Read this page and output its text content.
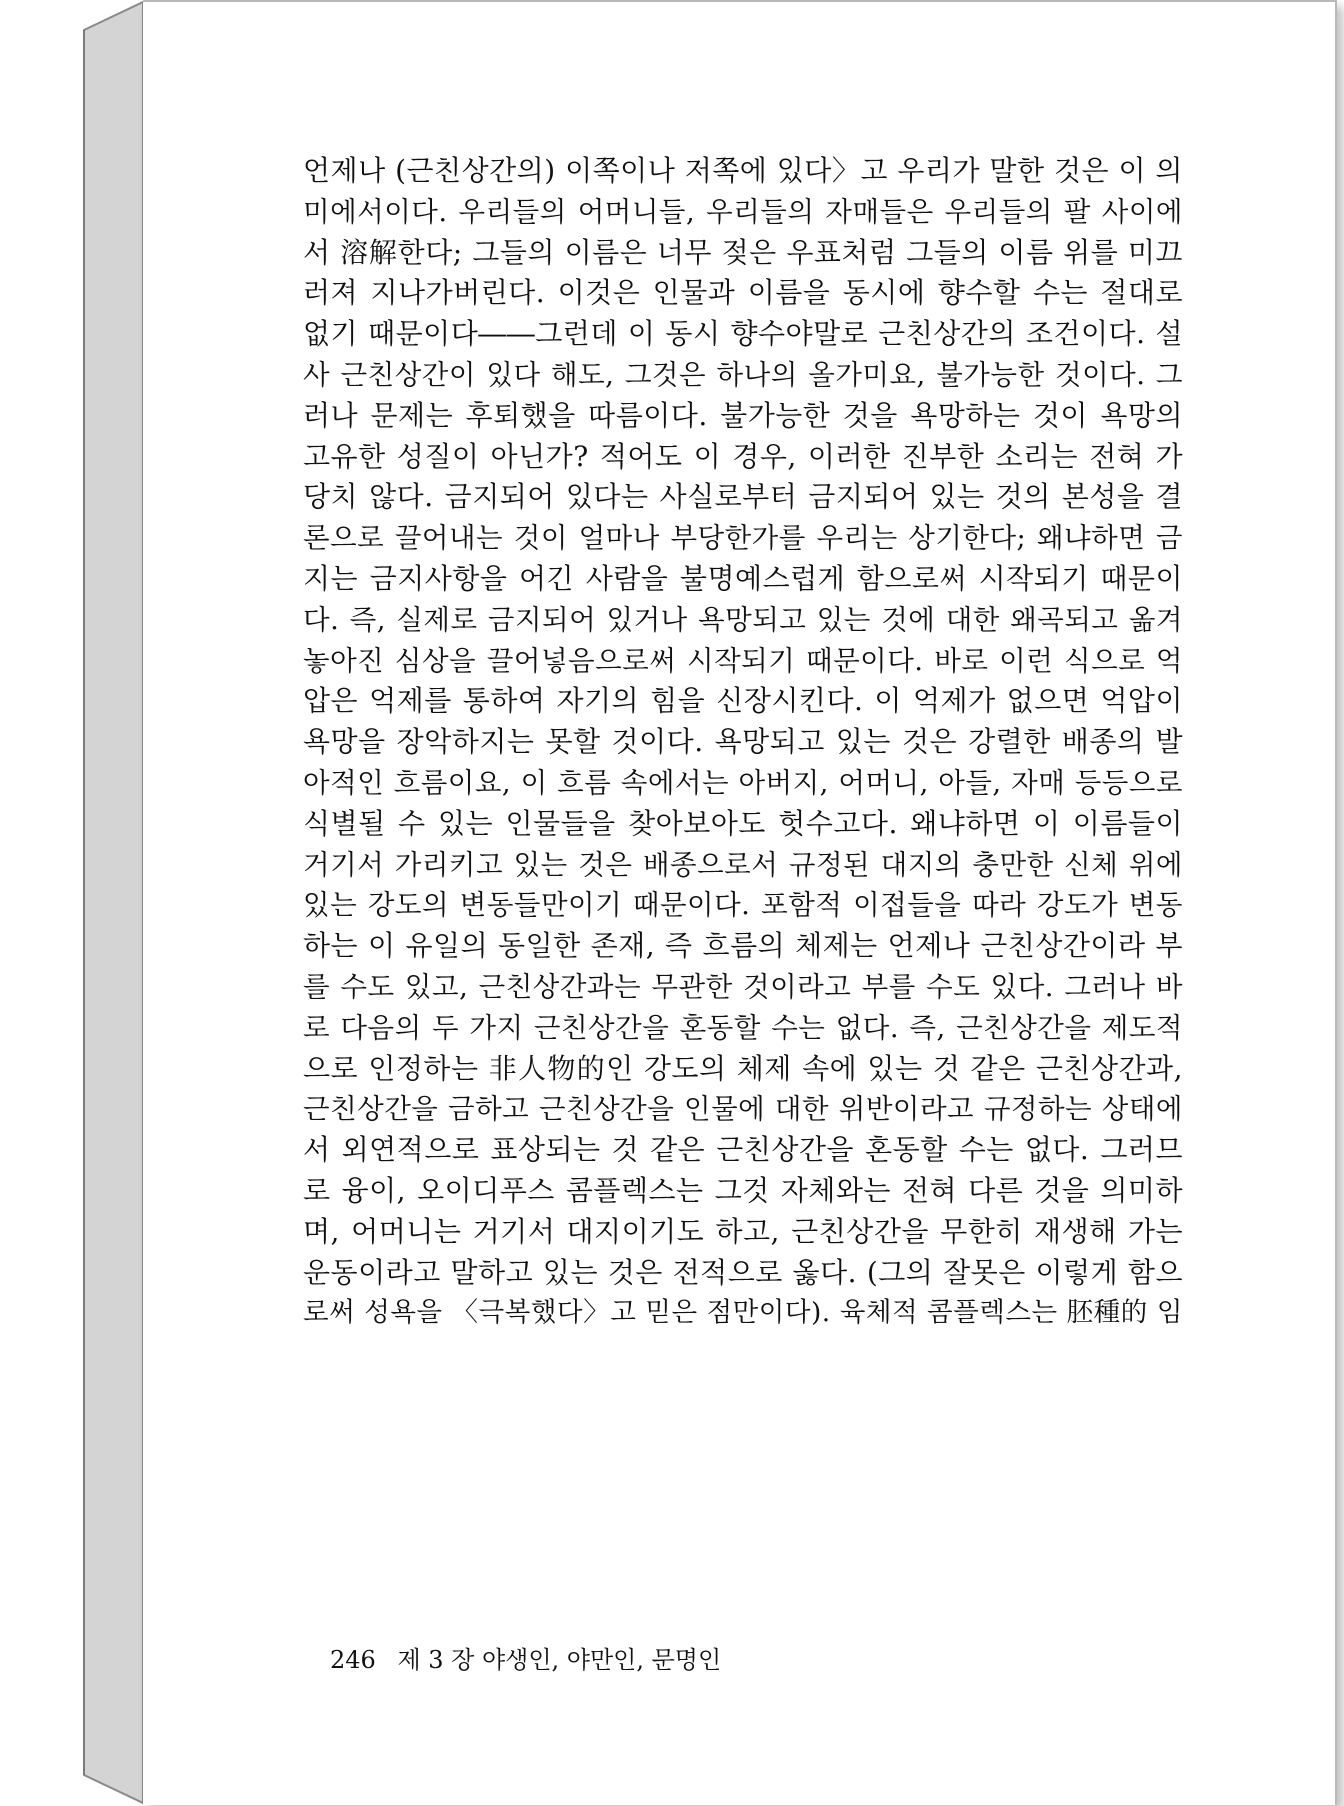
언제나 (근친상간의) 이쪽이나 저쪽에 있다〉고 우리가 말한 것은 이 의
미에서이다. 우리들의 어머니들, 우리들의 자매들은 우리들의 팔 사이에
서 溶解한다; 그들의 이름은 너무 젖은 우표처럼 그들의 이름 위를 미끄
러져 지나가버린다. 이것은 인물과 이름을 동시에 향수할 수는 절대로
없기 때문이다――그런데 이 동시 향수야말로 근친상간의 조건이다. 설
사 근친상간이 있다 해도, 그것은 하나의 올가미요, 불가능한 것이다. 그
러나 문제는 후퇴했을 따름이다. 불가능한 것을 욕망하는 것이 욕망의
고유한 성질이 아닌가? 적어도 이 경우, 이러한 진부한 소리는 전혀 가
당치 않다. 금지되어 있다는 사실로부터 금지되어 있는 것의 본성을 결
론으로 끌어내는 것이 얼마나 부당한가를 우리는 상기한다; 왜냐하면 금
지는 금지사항을 어긴 사람을 불명예스럽게 함으로써 시작되기 때문이
다. 즉, 실제로 금지되어 있거나 욕망되고 있는 것에 대한 왜곡되고 옮겨
놓아진 심상을 끌어넣음으로써 시작되기 때문이다. 바로 이런 식으로 억
압은 억제를 통하여 자기의 힘을 신장시킨다. 이 억제가 없으면 억압이
욕망을 장악하지는 못할 것이다. 욕망되고 있는 것은 강렬한 배종의 발
아적인 흐름이요, 이 흐름 속에서는 아버지, 어머니, 아들, 자매 등등으로
식별될 수 있는 인물들을 찾아보아도 헛수고다. 왜냐하면 이 이름들이
거기서 가리키고 있는 것은 배종으로서 규정된 대지의 충만한 신체 위에
있는 강도의 변동들만이기 때문이다. 포함적 이접들을 따라 강도가 변동
하는 이 유일의 동일한 존재, 즉 흐름의 체제는 언제나 근친상간이라 부
를 수도 있고, 근친상간과는 무관한 것이라고 부를 수도 있다. 그러나 바
로 다음의 두 가지 근친상간을 혼동할 수는 없다. 즉, 근친상간을 제도적
으로 인정하는 非人物的인 강도의 체제 속에 있는 것 같은 근친상간과,
근친상간을 금하고 근친상간을 인물에 대한 위반이라고 규정하는 상태에
서 외연적으로 표상되는 것 같은 근친상간을 혼동할 수는 없다. 그러므
로 융이, 오이디푸스 콤플렉스는 그것 자체와는 전혀 다른 것을 의미하
며, 어머니는 거기서 대지이기도 하고, 근친상간을 무한히 재생해 가는
운동이라고 말하고 있는 것은 전적으로 옳다. (그의 잘못은 이렇게 함으
로써 성욕을 〈극복했다〉고 믿은 점만이다). 육체적 콤플렉스는 胚種的 임
246 제 3 장 야생인, 야만인, 문명인
